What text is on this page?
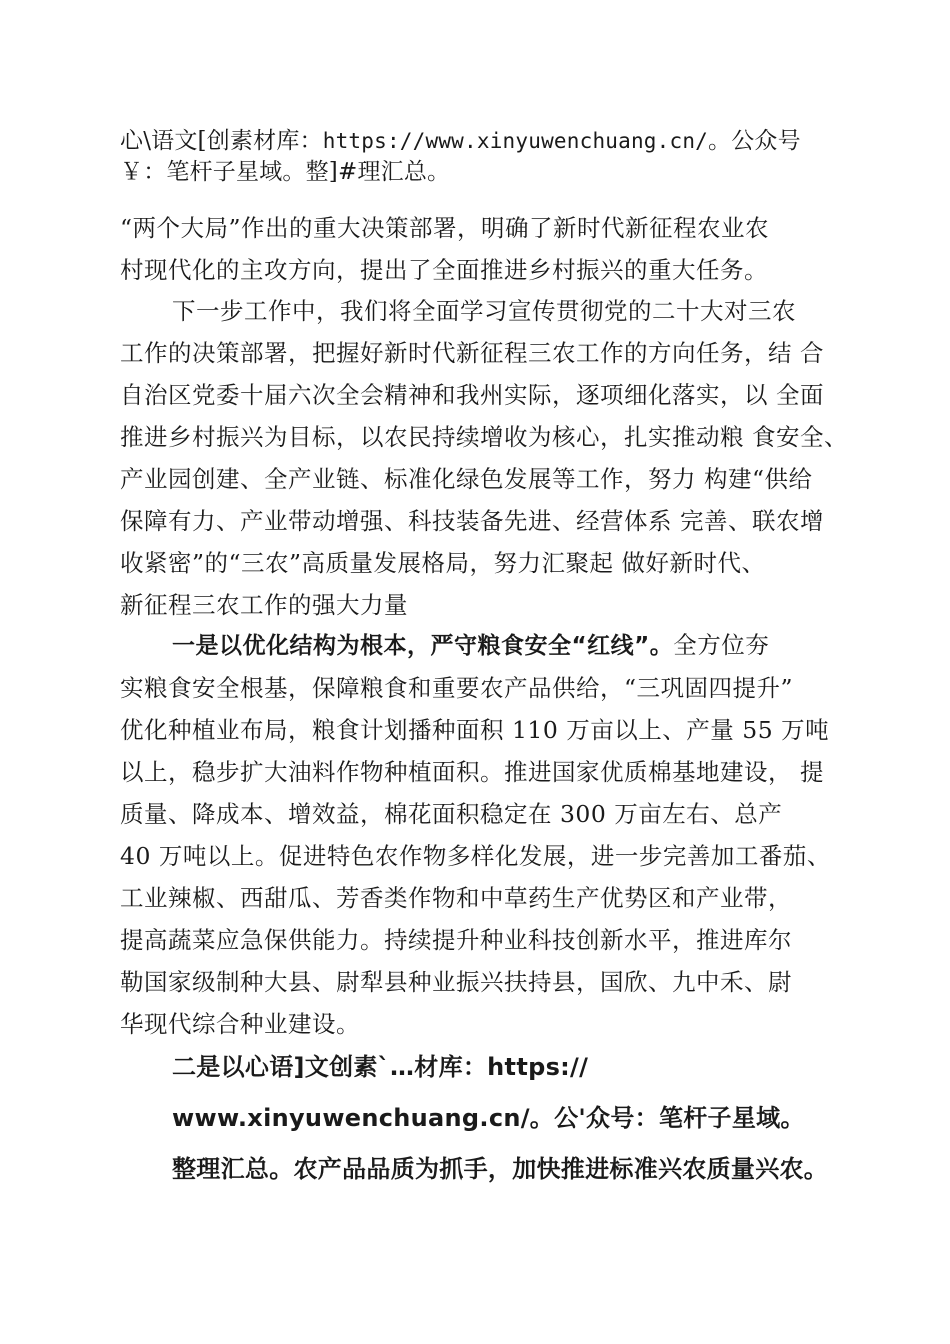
心\语文[创素材库：https://www.xinyuwenchuang.cn/。公众号
￥：笔杆子星域。整]#理汇总。
“两个大局”作出的重大决策部署，明确了新时代新征程农业农
村现代化的主攻方向，提出了全面推进乡村振兴的重大任务。
下一步工作中，我们将全面学习宣传贯彻党的二十大对三农
工作的决策部署，把握好新时代新征程三农工作的方向任务，结 合
自治区党委十届六次全会精神和我州实际，逐项细化落实，以 全面
推进乡村振兴为目标，以农民持续增收为核心，扎实推动粮 食安全、
产业园创建、全产业链、标准化绿色发展等工作，努力 构建“供给
保障有力、产业带动增强、科技装备先进、经营体系 完善、联农增
收紧密”的“三农”高质量发展格局，努力汇聚起 做好新时代、
新征程三农工作的强大力量
一是以优化结构为根本，严守粮食安全“红线”。全方位夯
实粮食安全根基，保障粮食和重要农产品供给，“三巩固四提升”
优化种植业布局，粮食计划播种面积 110 万亩以上、产量 55 万吨
以上，稳步扩大油料作物种植面积。推进国家优质棉基地建设， 提
质量、降成本、增效益，棉花面积稳定在 300 万亩左右、总产
40 万吨以上。促进特色农作物多样化发展，进一步完善加工番茄、
工业辣椒、西甜瓜、芳香类作物和中草药生产优势区和产业带，
提高蔬菜应急保供能力。持续提升种业科技创新水平，推进库尔
勒国家级制种大县、尉犁县种业振兴扶持县，国欣、九中禾、尉
华现代综合种业建设。
二是以心语]文创素`…材库：https://
www.xinyuwenchuang.cn/。公'众号：笔杆子星域。
整理汇总。农产品品质为抓手，加快推进标准兴农质量兴农。
